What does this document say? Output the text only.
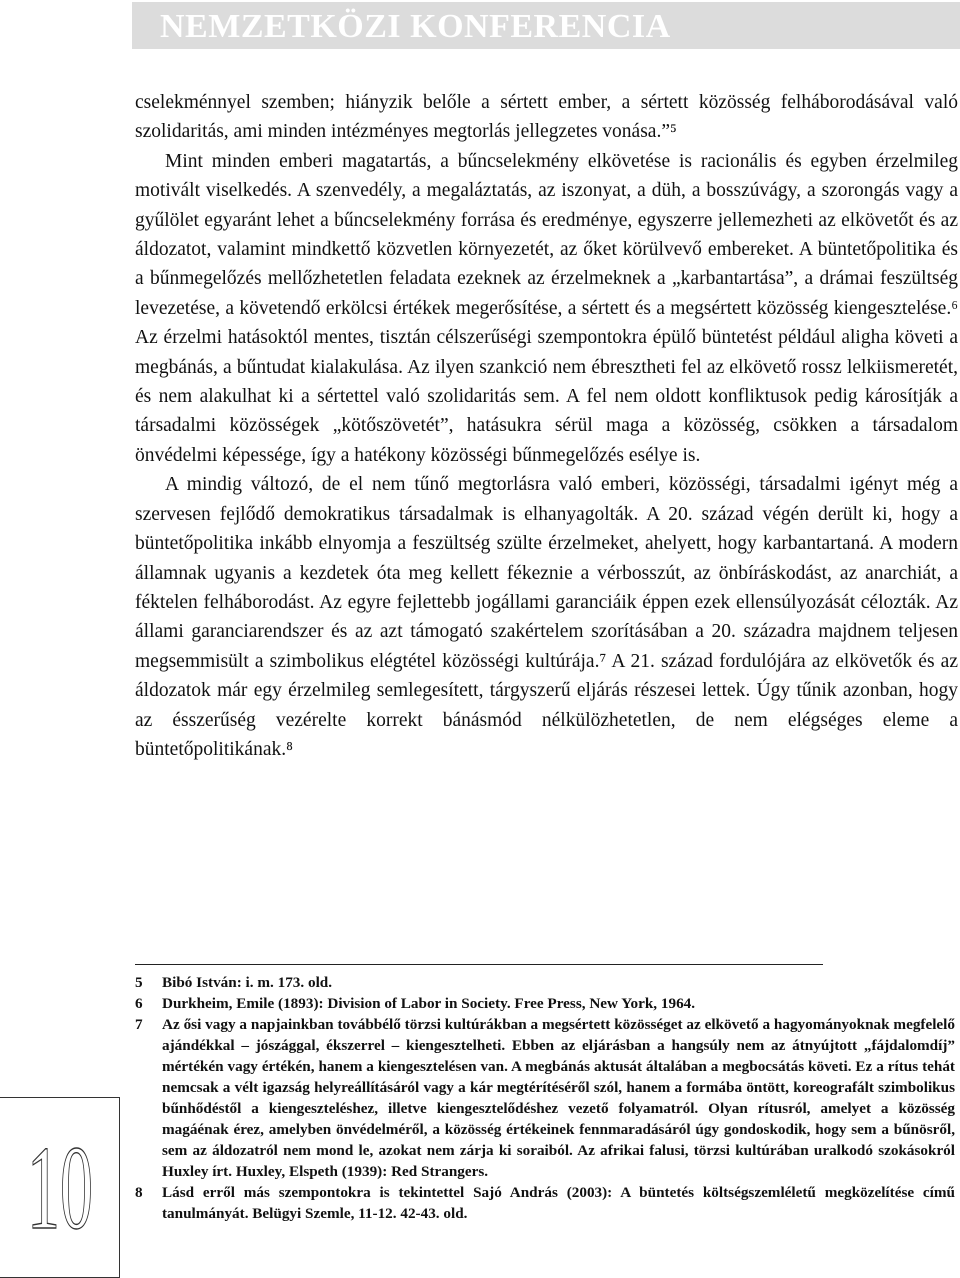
NEMZETKÖZI KONFERENCIA

cselekménnyel szemben; hiányzik belőle a sértett ember, a sértett közösség felháborodásával való szolidaritás, ami minden intézményes megtorlás jellegzetes vonása.”⁵

Mint minden emberi magatartás, a bűncselekmény elkövetése is racionális és egyben érzelmileg motivált viselkedés. A szenvedély, a megaláztatás, az iszonyat, a düh, a bosszúvágy, a szorongás vagy a gyűlölet egyaránt lehet a bűncselekmény forrása és eredménye, egyszerre jellemezheti az elkövetőt és az áldozatot, valamint mindkettő közvetlen környezetét, az őket körülvevő embereket. A büntetőpolitika és a bűnmegelőzés mellőzhetetlen feladata ezeknek az érzelmeknek a „karbantartása”, a drámai feszültség levezetése, a követendő erkölcsi értékek megerősítése, a sértett és a megsértett közösség kiengesztelése.⁶ Az érzelmi hatásoktól mentes, tisztán célszerűségi szempontokra épülő büntetést például aligha követi a megbánás, a bűntudat kialakulása. Az ilyen szankció nem ébresztheti fel az elkövető rossz lelkiismeretét, és nem alakulhat ki a sértettel való szolidaritás sem. A fel nem oldott konfliktusok pedig károsítják a társadalmi közösségek „kötőszövetét”, hatásukra sérül maga a közösség, csökken a társadalom önvédelmi képessége, így a hatékony közösségi bűnmegelőzés esélye is.

A mindig változó, de el nem tűnő megtorlásra való emberi, közösségi, társadalmi igényt még a szervesen fejlődő demokratikus társadalmak is elhanyagolták. A 20. század végén derült ki, hogy a büntetőpolitika inkább elnyomja a feszültség szülte érzelmeket, ahelyett, hogy karbantartaná. A modern államnak ugyanis a kezdetek óta meg kellett fékeznie a vérbosszút, az önbíráskodást, az anarchiát, a féktelen felháborodást. Az egyre fejlettebb jogállami garanciáik éppen ezek ellensúlyozását célozták. Az állami garanciarendszer és az azt támogató szakértelem szorításában a 20. századra majdnem teljesen megsemmisült a szimbolikus elégtétel közösségi kultúrája.⁷ A 21. század fordulójára az elkövetők és az áldozatok már egy érzelmileg semlegesített, tárgyszerű eljárás részesei lettek. Úgy tűnik azonban, hogy az ésszerűség vezérelte korrekt bánásmód nélkülözhetetlen, de nem elégséges eleme a büntetőpolitikának.⁸

5	Bibó István: i. m. 173. old.
6	Durkheim, Emile (1893): Division of Labor in Society. Free Press, New York, 1964.
7	Az ősi vagy a napjainkban továbbélő törzsi kultúrákban a megsértett közösséget az elkövető a hagyományoknak megfelelő ajándékkal – jószággal, ékszerrel – kiengesztelheti. Ebben az eljárásban a hangsúly nem az átnyújtott „fájdalomdíj” mértékén vagy értékén, hanem a kiengesztelésen van. A megbánás aktusát általában a megbocsátás követi. Ez a rítus tehát nemcsak a vélt igazság helyreállításáról vagy a kár megtérítéséről szól, hanem a formába öntött, koreografált szimbolikus bűnhődéstől a kiengeszteléshez, illetve kiengesztelődéshez vezető folyamatról. Olyan rítusról, amelyet a közösség magáénak érez, amelyben önvédelméről, a közösség értékeinek fennmaradásáról úgy gondoskodik, hogy sem a bűnösről, sem az áldozatról nem mond le, azokat nem zárja ki soraiból. Az afrikai falusi, törzsi kultúrában uralkodó szokásokról Huxley írt. Huxley, Elspeth (1939): Red Strangers.
8	Lásd erről más szempontokra is tekintettel Sajó András (2003): A büntetés költségszemléletű megközelítése című tanulmányát. Belügyi Szemle, 11-12. 42-43. old.
10
